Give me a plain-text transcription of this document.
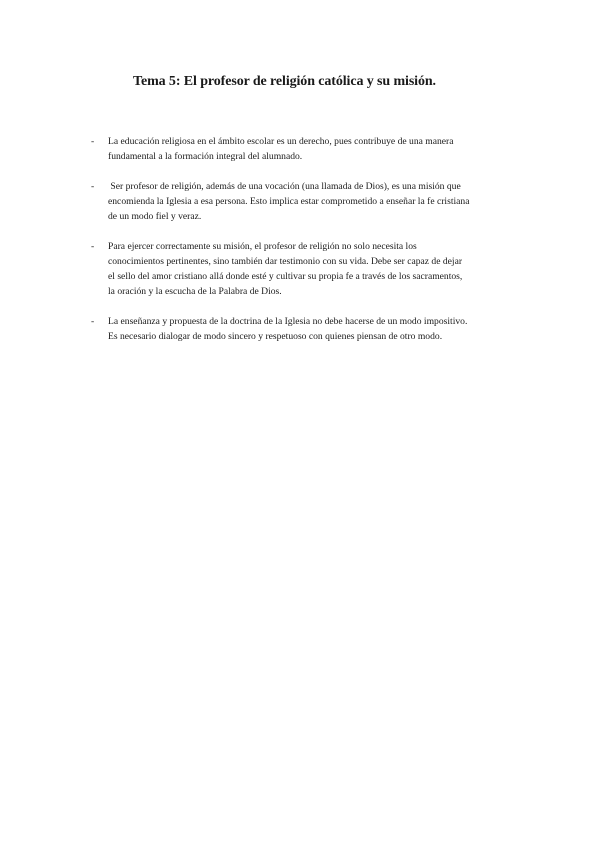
Tema 5: El profesor de religión católica y su misión.
- La educación religiosa en el ámbito escolar es un derecho, pues contribuye de una manera
fundamental a la formación integral del alumnado.
- Ser profesor de religión, además de una vocación (una llamada de Dios), es una misión que
encomienda la Iglesia a esa persona. Esto implica estar comprometido a enseñar la fe cristiana
de un modo fiel y veraz.
- Para ejercer correctamente su misión, el profesor de religión no solo necesita los
conocimientos pertinentes, sino también dar testimonio con su vida. Debe ser capaz de dejar
el sello del amor cristiano allá donde esté y cultivar su propia fe a través de los sacramentos,
la oración y la escucha de la Palabra de Dios.
- La enseñanza y propuesta de la doctrina de la Iglesia no debe hacerse de un modo impositivo.
Es necesario dialogar de modo sincero y respetuoso con quienes piensan de otro modo.
